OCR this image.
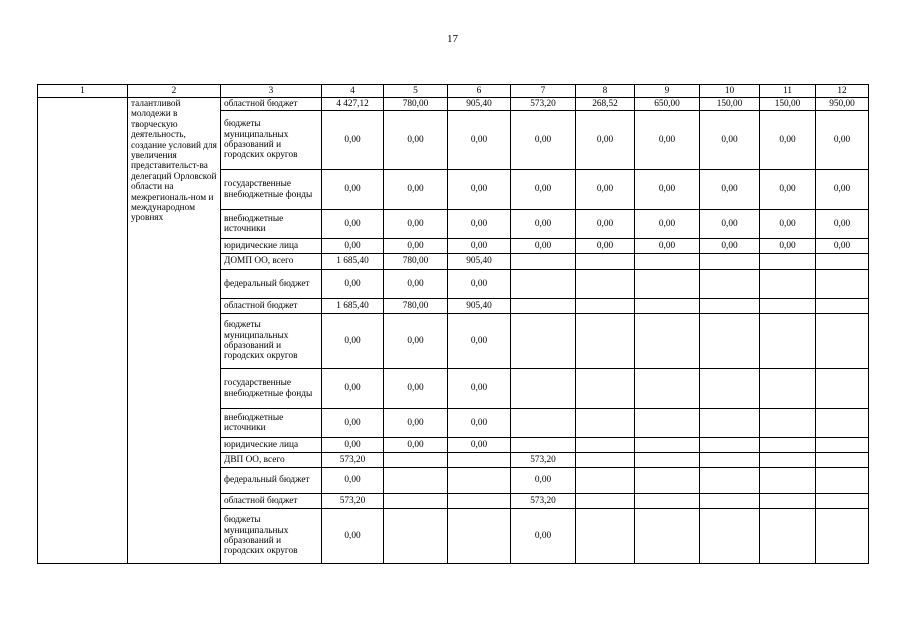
17
1	2	3	4	5	6	7	8	9	10	11	12
	талантливой молодежи в творческую деятельность, создание условий для увеличения представительст-ва делегаций Орловской области на межрегиональ-ном и международном уровнях	областной бюджет	4 427,12	780,00	905,40	573,20	268,52	650,00	150,00	150,00	950,00
		бюджеты муниципальных образований и городских округов	0,00	0,00	0,00	0,00	0,00	0,00	0,00	0,00	0,00
		государственные внебюджетные фонды	0,00	0,00	0,00	0,00	0,00	0,00	0,00	0,00	0,00
		внебюджетные источники	0,00	0,00	0,00	0,00	0,00	0,00	0,00	0,00	0,00
		юридические лица	0,00	0,00	0,00	0,00	0,00	0,00	0,00	0,00	0,00
		ДОМП ОО, всего	1 685,40	780,00	905,40						
		федеральный бюджет	0,00	0,00	0,00						
		областной бюджет	1 685,40	780,00	905,40						
		бюджеты муниципальных образований и городских округов	0,00	0,00	0,00						
		государственные внебюджетные фонды	0,00	0,00	0,00						
		внебюджетные источники	0,00	0,00	0,00						
		юридические лица	0,00	0,00	0,00						
		ДВП ОО, всего	573,20			573,20					
		федеральный бюджет	0,00			0,00					
		областной бюджет	573,20			573,20					
		бюджеты муниципальных образований и городских округов	0,00			0,00					
